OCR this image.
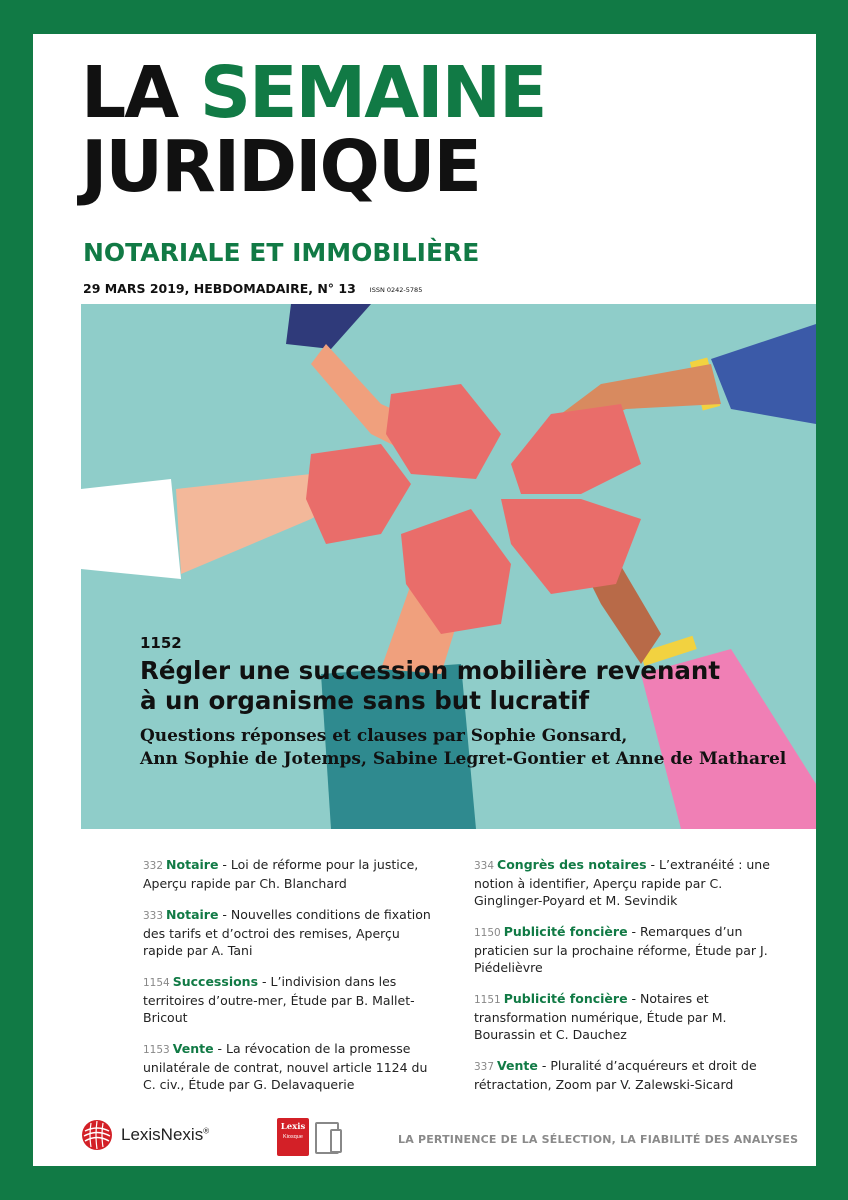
LA SEMAINE
JURIDIQUE
NOTARIALE ET IMMOBILIÈRE
29 MARS 2019, HEBDOMADAIRE, N° 13 ISSN 0242-5785
1152
Régler une succession mobilière revenant
à un organisme sans but lucratif
Questions réponses et clauses par Sophie Gonsard,
Ann Sophie de Jotemps, Sabine Legret-Gontier et Anne de Matharel
332 Notaire - Loi de réforme pour la justice, Aperçu rapide par Ch. Blanchard
333 Notaire - Nouvelles conditions de fixation des tarifs et d’octroi des remises, Aperçu rapide par A. Tani
1154 Successions - L’indivision dans les territoires d’outre-mer, Étude par B. Mallet-Bricout
1153 Vente - La révocation de la promesse unilatérale de contrat, nouvel article 1124 du C. civ., Étude par G. Delavaquerie
334 Congrès des notaires - L’extranéité : une notion à identifier, Aperçu rapide par C. Ginglinger-Poyard et M. Sevindik
1150 Publicité foncière - Remarques d’un praticien sur la prochaine réforme, Étude par J. Piédelièvre
1151 Publicité foncière - Notaires et transformation numérique, Étude par M. Bourassin et C. Dauchez
337 Vente - Pluralité d’acquéreurs et droit de rétractation, Zoom par V. Zalewski-Sicard
LexisNexis®	Lexis
Kiosque	LA PERTINENCE DE LA SÉLECTION, LA FIABILITÉ DES ANALYSES
